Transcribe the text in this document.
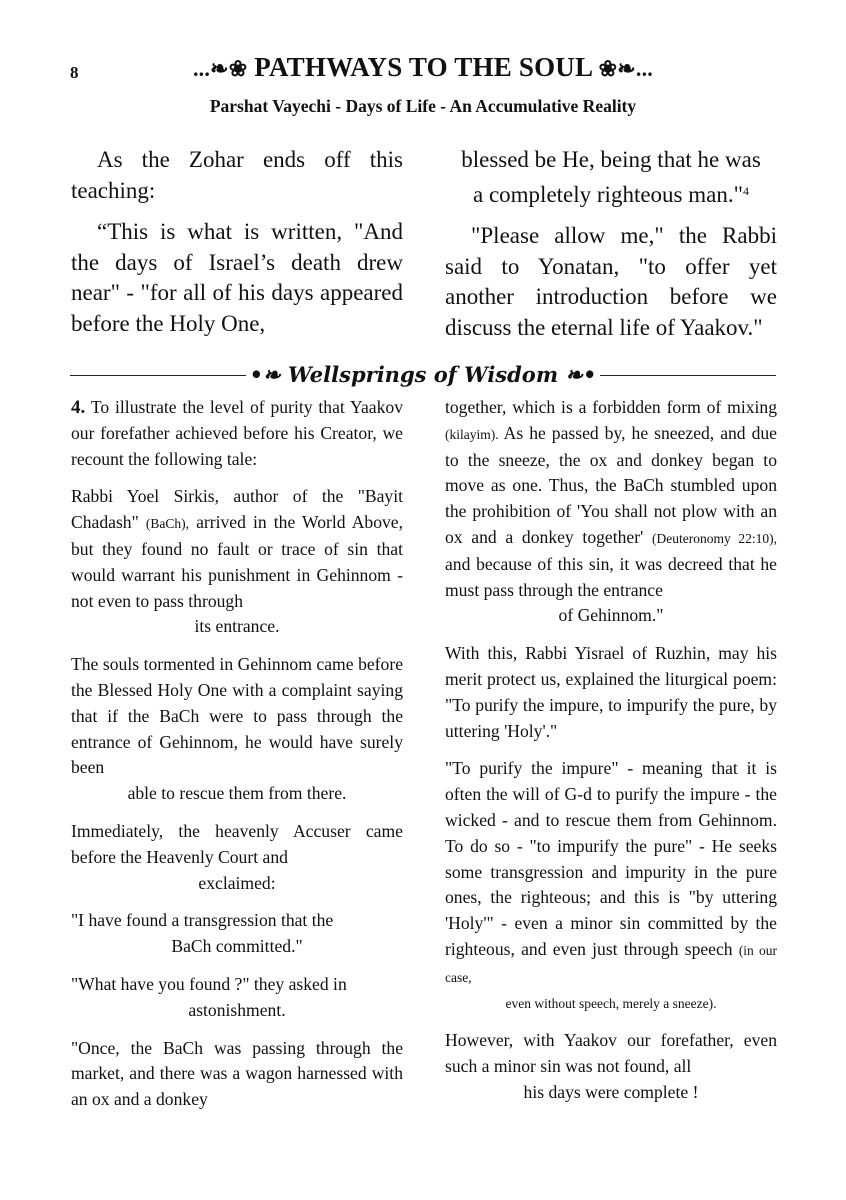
8	...❧❀ PATHWAYS TO THE SOUL ❀❧...
Parshat Vayechi - Days of Life - An Accumulative Reality

As the Zohar ends off this teaching:

“This is what is written, "And the days of Israel’s death drew near" - "for all of his days appeared before the Holy One,

blessed be He, being that he was

a completely righteous man."$^4$

"Please allow me," the Rabbi said to Yonatan, "to offer yet another introduction before we discuss the eternal life of Yaakov."

•❧ Wellsprings of Wisdom ❧•

4. To illustrate the level of purity that Yaakov our forefather achieved before his Creator, we recount the following tale:

Rabbi Yoel Sirkis, author of the "Bayit Chadash" (BaCh), arrived in the World Above, but they found no fault or trace of sin that would warrant his punishment in Gehinnom - not even to pass through
its entrance.

The souls tormented in Gehinnom came before the Blessed Holy One with a complaint saying that if the BaCh were to pass through the entrance of Gehinnom, he would have surely been
able to rescue them from there.

Immediately, the heavenly Accuser came before the Heavenly Court and
exclaimed:

"I have found a transgression that the
BaCh committed."

"What have you found ?" they asked in
astonishment.

"Once, the BaCh was passing through the market, and there was a wagon harnessed with an ox and a donkey

together, which is a forbidden form of mixing (kilayim). As he passed by, he sneezed, and due to the sneeze, the ox and donkey began to move as one. Thus, the BaCh stumbled upon the prohibition of 'You shall not plow with an ox and a donkey together' (Deuteronomy 22:10), and because of this sin, it was decreed that he must pass through the entrance
of Gehinnom."

With this, Rabbi Yisrael of Ruzhin, may his merit protect us, explained the liturgical poem: "To purify the impure, to impurify the pure, by uttering 'Holy'."

"To purify the impure" - meaning that it is often the will of G-d to purify the impure - the wicked - and to rescue them from Gehinnom. To do so - "to impurify the pure" - He seeks some transgression and impurity in the pure ones, the righteous; and this is "by uttering 'Holy'" - even a minor sin committed by the righteous, and even just through speech (in our case,
even without speech, merely a sneeze).

However, with Yaakov our forefather, even such a minor sin was not found, all
his days were complete !
